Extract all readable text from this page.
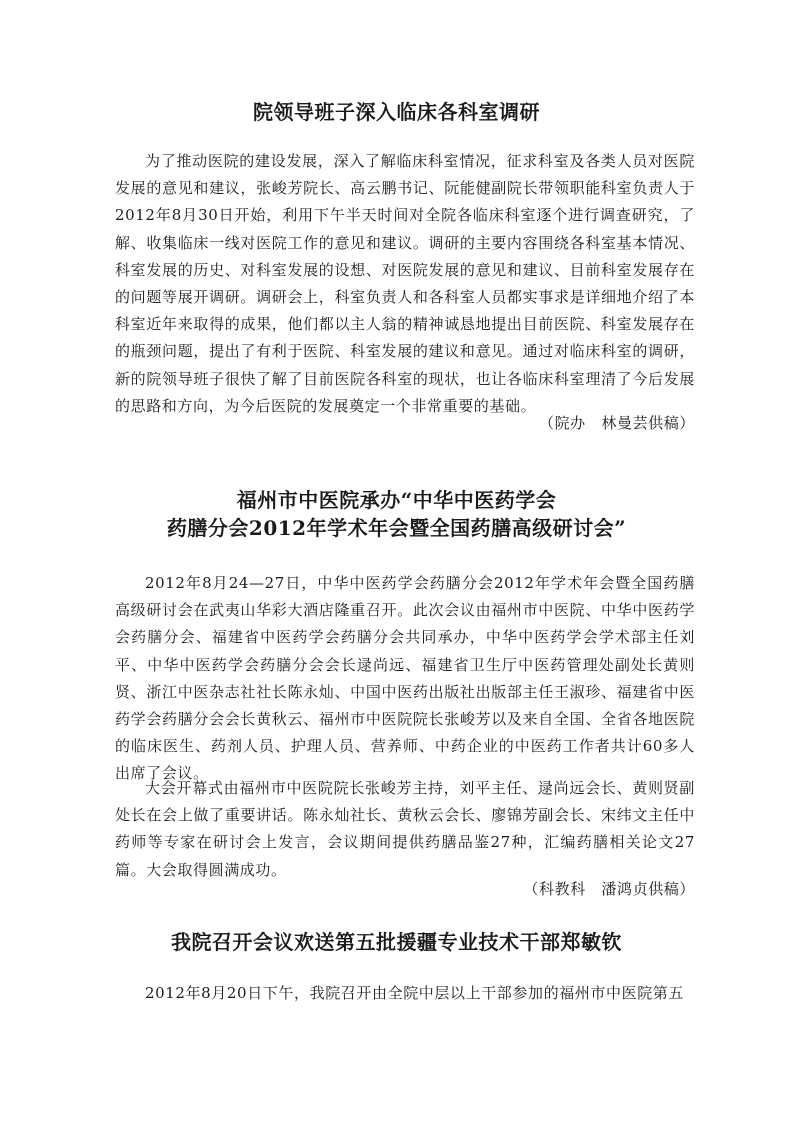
院领导班子深入临床各科室调研

为了推动医院的建设发展，深入了解临床科室情况，征求科室及各类人员对医院发展的意见和建议，张峻芳院长、高云鹏书记、阮能健副院长带领职能科室负责人于2012年8月30日开始，利用下午半天时间对全院各临床科室逐个进行调查研究，了解、收集临床一线对医院工作的意见和建议。调研的主要内容围绕各科室基本情况、科室发展的历史、对科室发展的设想、对医院发展的意见和建议、目前科室发展存在的问题等展开调研。调研会上，科室负责人和各科室人员都实事求是详细地介绍了本科室近年来取得的成果，他们都以主人翁的精神诚恳地提出目前医院、科室发展存在的瓶颈问题，提出了有利于医院、科室发展的建议和意见。通过对临床科室的调研，新的院领导班子很快了解了目前医院各科室的现状，也让各临床科室理清了今后发展的思路和方向，为今后医院的发展奠定一个非常重要的基础。

（院办　林曼芸供稿）

福州市中医院承办“中华中医药学会
药膳分会2012年学术年会暨全国药膳高级研讨会”

2012年8月24—27日，中华中医药学会药膳分会2012年学术年会暨全国药膳高级研讨会在武夷山华彩大酒店隆重召开。此次会议由福州市中医院、中华中医药学会药膳分会、福建省中医药学会药膳分会共同承办，中华中医药学会学术部主任刘平、中华中医药学会药膳分会会长逯尚远、福建省卫生厅中医药管理处副处长黄则贤、浙江中医杂志社社长陈永灿、中国中医药出版社出版部主任王淑珍、福建省中医药学会药膳分会会长黄秋云、福州市中医院院长张峻芳以及来自全国、全省各地医院的临床医生、药剂人员、护理人员、营养师、中药企业的中医药工作者共计60多人出席了会议。

大会开幕式由福州市中医院院长张峻芳主持，刘平主任、逯尚远会长、黄则贤副处长在会上做了重要讲话。陈永灿社长、黄秋云会长、廖锦芳副会长、宋纬文主任中药师等专家在研讨会上发言，会议期间提供药膳品鉴27种，汇编药膳相关论文27篇。大会取得圆满成功。

（科教科　潘鸿贞供稿）

我院召开会议欢送第五批援疆专业技术干部郑敏钦

2012年8月20日下午，我院召开由全院中层以上干部参加的福州市中医院第五
